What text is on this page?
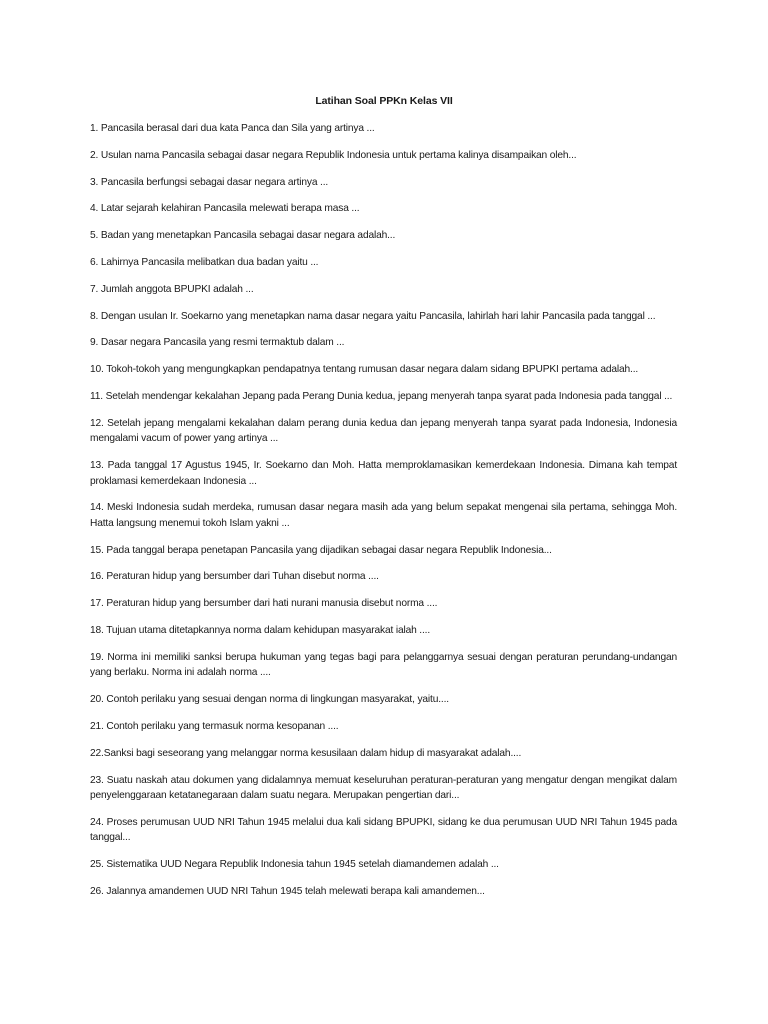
Latihan Soal PPKn Kelas VII
1. Pancasila berasal dari dua kata Panca dan Sila yang artinya ...
2. Usulan nama Pancasila sebagai dasar negara Republik Indonesia untuk pertama kalinya disampaikan oleh...
3. Pancasila berfungsi sebagai dasar negara artinya ...
4. Latar sejarah kelahiran Pancasila melewati berapa masa ...
5. Badan yang menetapkan Pancasila sebagai dasar negara adalah...
6. Lahirnya Pancasila melibatkan dua badan yaitu ...
7. Jumlah anggota BPUPKI adalah ...
8. Dengan usulan Ir. Soekarno yang menetapkan nama dasar negara yaitu Pancasila, lahirlah hari lahir Pancasila pada tanggal ...
9. Dasar negara Pancasila yang resmi termaktub dalam ...
10. Tokoh-tokoh yang mengungkapkan pendapatnya tentang rumusan dasar negara dalam sidang BPUPKI pertama adalah...
11. Setelah mendengar kekalahan Jepang pada Perang Dunia kedua, jepang menyerah tanpa syarat pada Indonesia pada tanggal ...
12. Setelah jepang mengalami kekalahan dalam perang dunia kedua dan jepang menyerah tanpa syarat pada Indonesia, Indonesia mengalami vacum of power yang artinya ...
13. Pada tanggal 17 Agustus 1945, Ir. Soekarno dan Moh. Hatta memproklamasikan kemerdekaan Indonesia. Dimana kah tempat proklamasi kemerdekaan Indonesia ...
14. Meski Indonesia sudah merdeka, rumusan dasar negara masih ada yang belum sepakat mengenai sila pertama, sehingga Moh. Hatta langsung menemui tokoh Islam yakni ...
15. Pada tanggal berapa penetapan Pancasila yang dijadikan sebagai dasar negara Republik Indonesia...
16. Peraturan hidup yang bersumber dari Tuhan disebut norma ....
17. Peraturan hidup yang bersumber dari hati nurani manusia disebut norma ....
18. Tujuan utama ditetapkannya norma dalam kehidupan masyarakat ialah ....
19. Norma ini memiliki sanksi berupa hukuman yang tegas bagi para pelanggarnya sesuai dengan peraturan perundang-undangan yang berlaku. Norma ini adalah norma ....
20. Contoh perilaku yang sesuai dengan norma di lingkungan masyarakat, yaitu....
21. Contoh perilaku yang termasuk norma kesopanan ....
22.Sanksi bagi seseorang yang melanggar norma kesusilaan dalam hidup di masyarakat adalah....
23. Suatu naskah atau dokumen yang didalamnya memuat keseluruhan peraturan-peraturan yang mengatur dengan mengikat dalam penyelenggaraan ketatanegaraan dalam suatu negara. Merupakan pengertian dari...
24. Proses perumusan UUD NRI Tahun 1945 melalui dua kali sidang BPUPKI, sidang ke dua perumusan UUD NRI Tahun 1945 pada tanggal...
25. Sistematika UUD Negara Republik Indonesia tahun 1945 setelah diamandemen adalah ...
26. Jalannya amandemen UUD NRI Tahun 1945 telah melewati berapa kali amandemen...
